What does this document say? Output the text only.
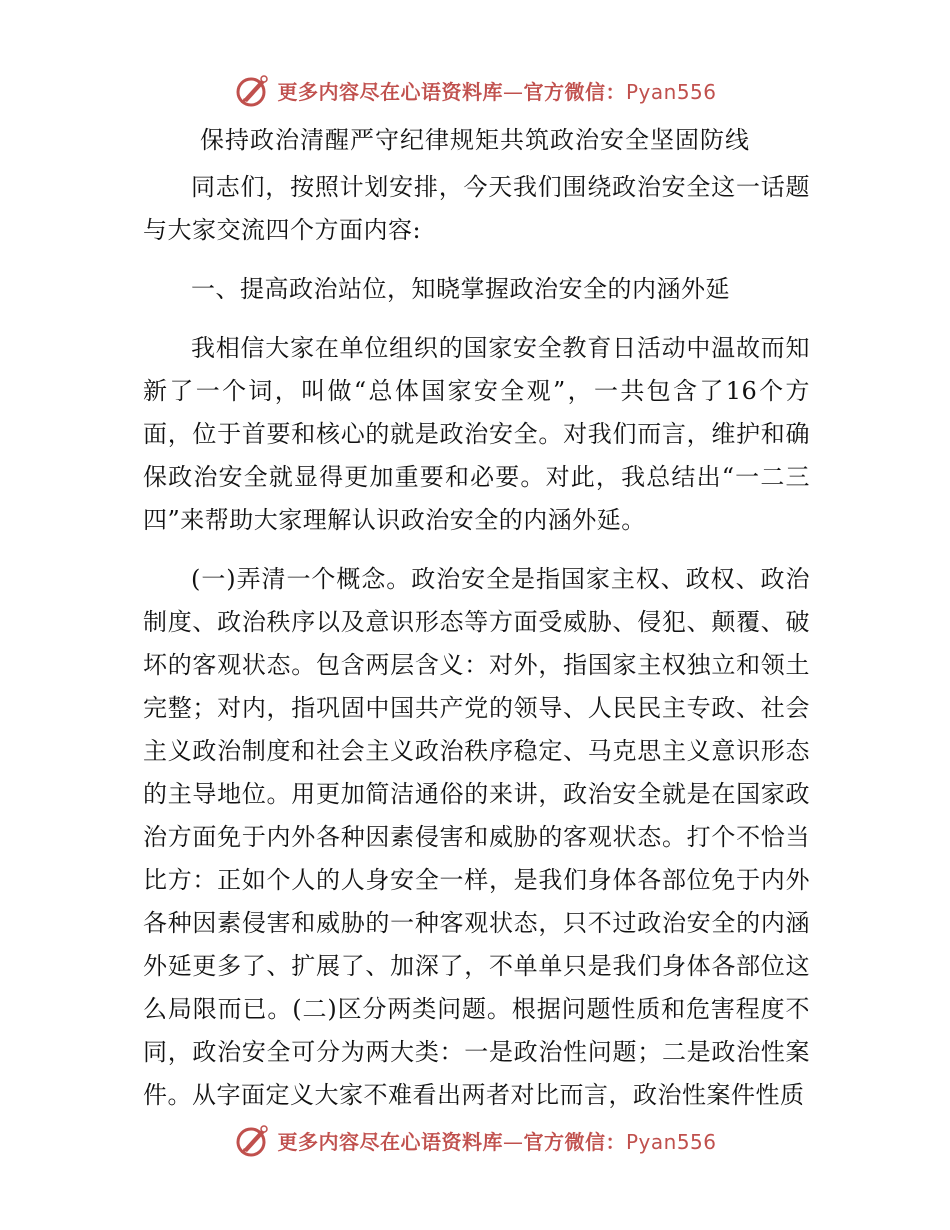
更多内容尽在心语资料库—官方微信：Pyan556
保持政治清醒严守纪律规矩共筑政治安全坚固防线

同志们，按照计划安排，今天我们围绕政治安全这一话题与大家交流四个方面内容:

一、提高政治站位，知晓掌握政治安全的内涵外延

我相信大家在单位组织的国家安全教育日活动中温故而知新了一个词，叫做“总体国家安全观”，一共包含了16个方面，位于首要和核心的就是政治安全。对我们而言，维护和确保政治安全就显得更加重要和必要。对此，我总结出“一二三四”来帮助大家理解认识政治安全的内涵外延。

(一)弄清一个概念。政治安全是指国家主权、政权、政治制度、政治秩序以及意识形态等方面受威胁、侵犯、颠覆、破坏的客观状态。包含两层含义：对外，指国家主权独立和领土完整；对内，指巩固中国共产党的领导、人民民主专政、社会主义政治制度和社会主义政治秩序稳定、马克思主义意识形态的主导地位。用更加简洁通俗的来讲，政治安全就是在国家政治方面免于内外各种因素侵害和威胁的客观状态。打个不恰当比方：正如个人的人身安全一样，是我们身体各部位免于内外各种因素侵害和威胁的一种客观状态，只不过政治安全的内涵外延更多了、扩展了、加深了，不单单只是我们身体各部位这么局限而已。(二)区分两类问题。根据问题性质和危害程度不同，政治安全可分为两大类：一是政治性问题；二是政治性案件。从字面定义大家不难看出两者对比而言，政治性案件性质

更多内容尽在心语资料库—官方微信：Pyan556
